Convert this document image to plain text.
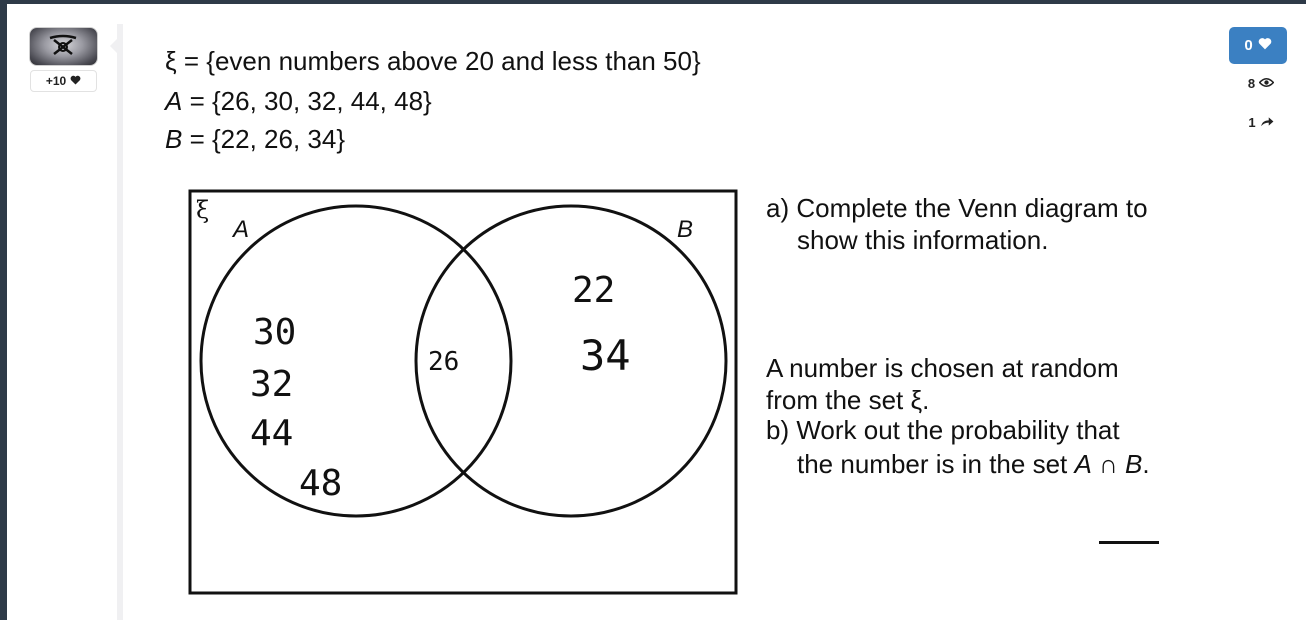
+10
0
8
1
ξ = {even numbers above 20 and less than 50}
A = {26, 30, 32, 44, 48}
B = {22, 26, 34}
ξ
A	B
30
32
44
48
26
22
34
a) Complete the Venn diagram to
show this information.
A number is chosen at random
from the set ξ.
b) Work out the probability that
the number is in the set A ∩ B.
